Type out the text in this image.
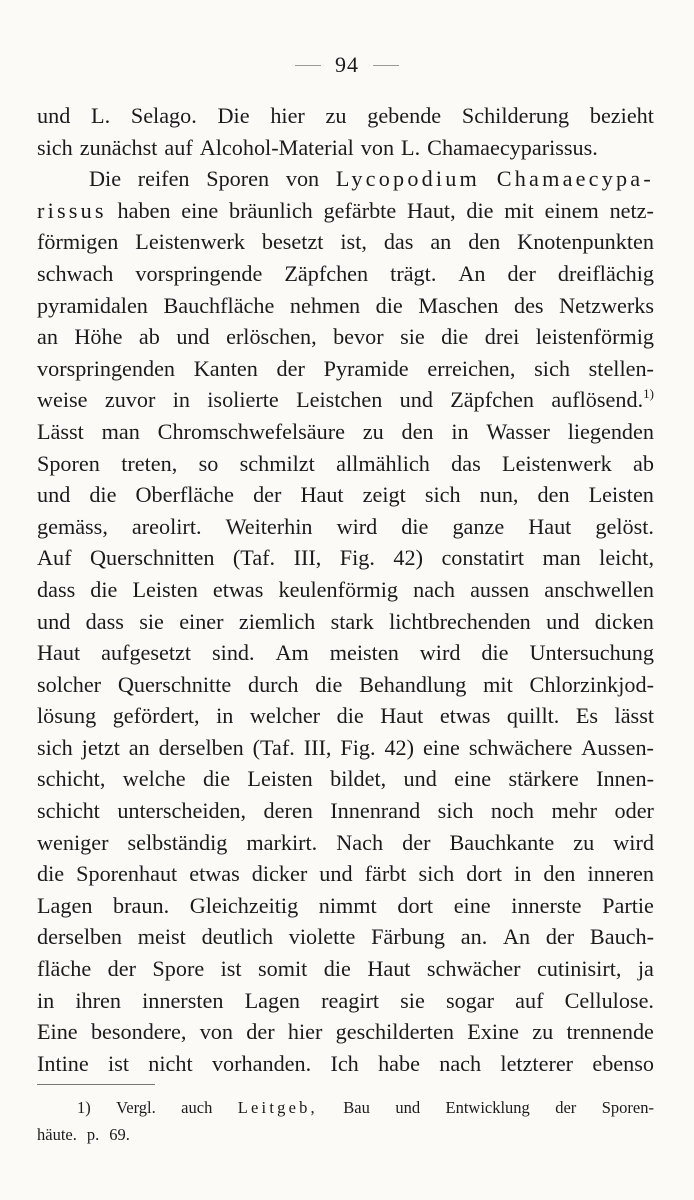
94
und L. Selago. Die hier zu gebende Schilderung bezieht
sich zunächst auf Alcohol-Material von L. Chamaecyparissus.
Die reifen Sporen von Lycopodium Chamaecypa-
rissus haben eine bräunlich gefärbte Haut, die mit einem netz-
förmigen Leistenwerk besetzt ist, das an den Knotenpunkten
schwach vorspringende Zäpfchen trägt. An der dreiflächig
pyramidalen Bauchfläche nehmen die Maschen des Netzwerks
an Höhe ab und erlöschen, bevor sie die drei leistenförmig
vorspringenden Kanten der Pyramide erreichen, sich stellen-
weise zuvor in isolierte Leistchen und Zäpfchen auflösend.$^{1)}$
Lässt man Chromschwefelsäure zu den in Wasser liegenden
Sporen treten, so schmilzt allmählich das Leistenwerk ab
und die Oberfläche der Haut zeigt sich nun, den Leisten
gemäss, areolirt. Weiterhin wird die ganze Haut gelöst.
Auf Querschnitten (Taf. III, Fig. 42) constatirt man leicht,
dass die Leisten etwas keulenförmig nach aussen anschwellen
und dass sie einer ziemlich stark lichtbrechenden und dicken
Haut aufgesetzt sind. Am meisten wird die Untersuchung
solcher Querschnitte durch die Behandlung mit Chlorzinkjod-
lösung gefördert, in welcher die Haut etwas quillt. Es lässt
sich jetzt an derselben (Taf. III, Fig. 42) eine schwächere Aussen-
schicht, welche die Leisten bildet, und eine stärkere Innen-
schicht unterscheiden, deren Innenrand sich noch mehr oder
weniger selbständig markirt. Nach der Bauchkante zu wird
die Sporenhaut etwas dicker und färbt sich dort in den inneren
Lagen braun. Gleichzeitig nimmt dort eine innerste Partie
derselben meist deutlich violette Färbung an. An der Bauch-
fläche der Spore ist somit die Haut schwächer cutinisirt, ja
in ihren innersten Lagen reagirt sie sogar auf Cellulose.
Eine besondere, von der hier geschilderten Exine zu trennende
Intine ist nicht vorhanden. Ich habe nach letzterer ebenso
1) Vergl. auch Leitgeb, Bau und Entwicklung der Sporen-
häute. p. 69.
